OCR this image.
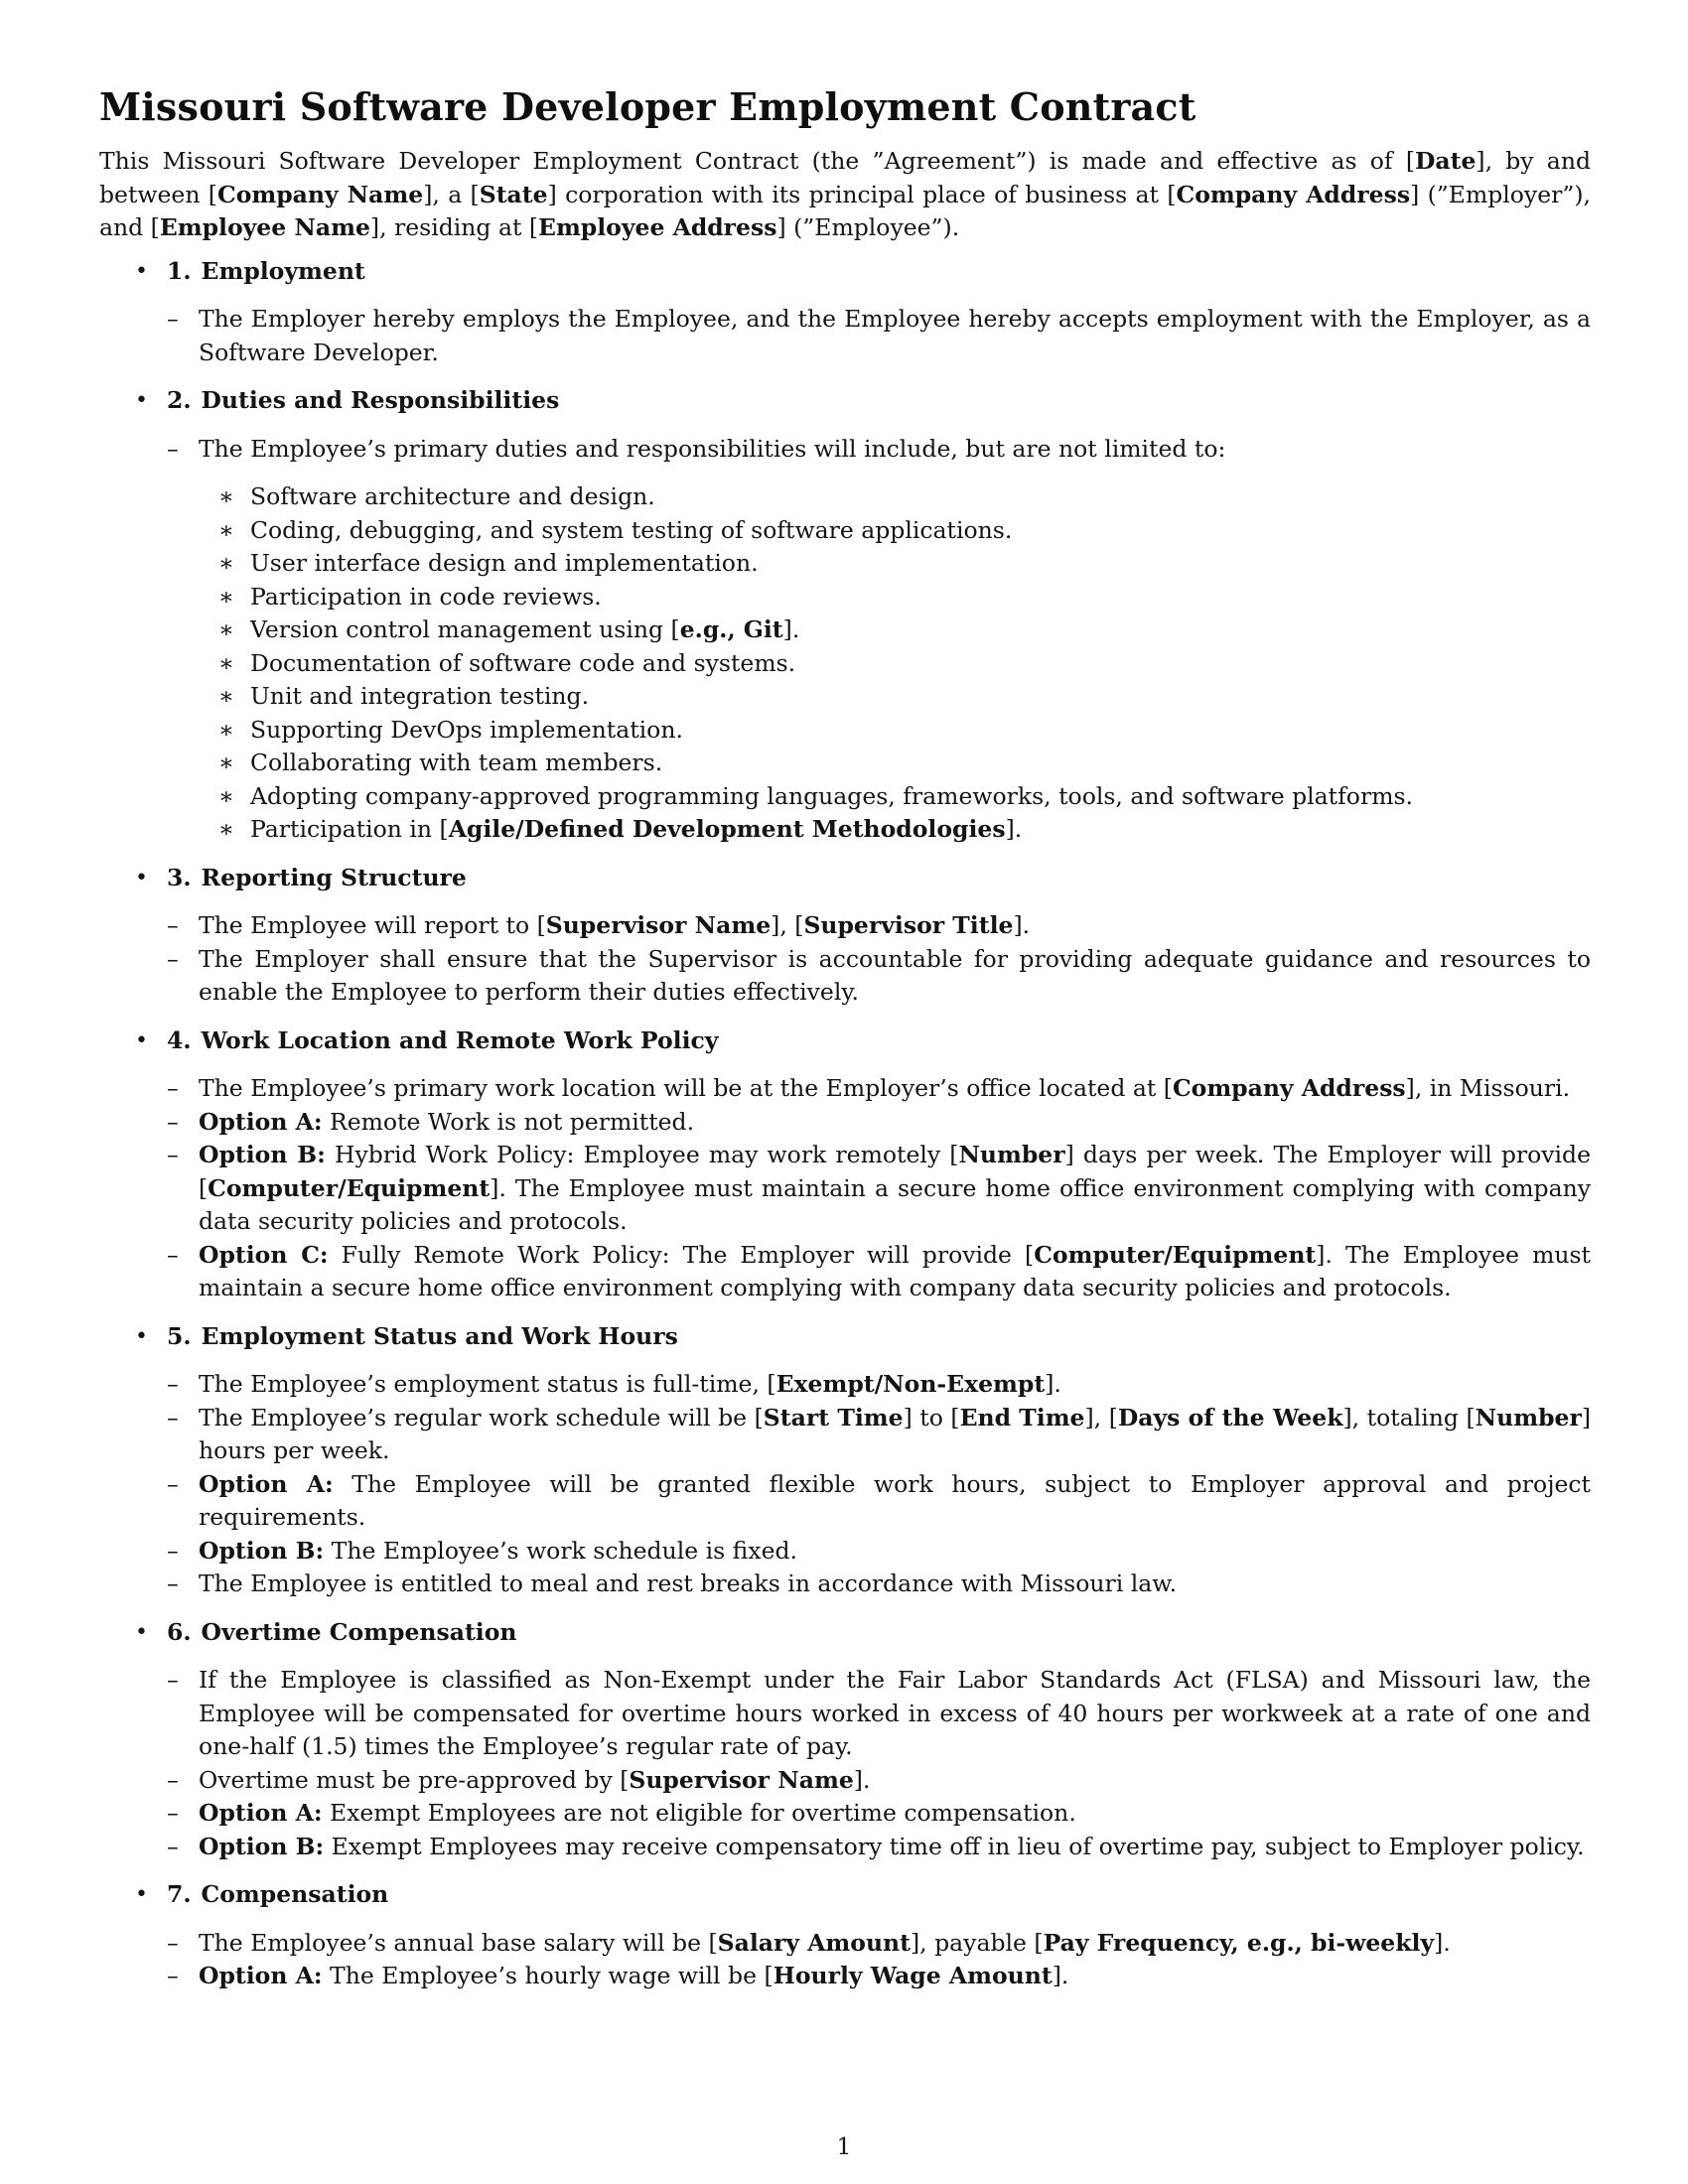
Missouri Software Developer Employment Contract

This Missouri Software Developer Employment Contract (the ”Agreement”) is made and effective as of [Date], by and between [Company Name], a [State] corporation with its principal place of business at [Company Address] (”Employer”), and [Employee Name], residing at [Employee Address] (”Employee”).

• 1. Employment
– The Employer hereby employs the Employee, and the Employee hereby accepts employment with the Employer, as a Software Developer.
• 2. Duties and Responsibilities
– The Employee’s primary duties and responsibilities will include, but are not limited to:
∗ Software architecture and design.
∗ Coding, debugging, and system testing of software applications.
∗ User interface design and implementation.
∗ Participation in code reviews.
∗ Version control management using [e.g., Git].
∗ Documentation of software code and systems.
∗ Unit and integration testing.
∗ Supporting DevOps implementation.
∗ Collaborating with team members.
∗ Adopting company-approved programming languages, frameworks, tools, and software platforms.
∗ Participation in [Agile/Defined Development Methodologies].
• 3. Reporting Structure
– The Employee will report to [Supervisor Name], [Supervisor Title].
– The Employer shall ensure that the Supervisor is accountable for providing adequate guidance and resources to enable the Employee to perform their duties effectively.
• 4. Work Location and Remote Work Policy
– The Employee’s primary work location will be at the Employer’s office located at [Company Address], in Missouri.
– Option A: Remote Work is not permitted.
– Option B: Hybrid Work Policy: Employee may work remotely [Number] days per week. The Employer will provide [Computer/Equipment]. The Employee must maintain a secure home office environment complying with company data security policies and protocols.
– Option C: Fully Remote Work Policy: The Employer will provide [Computer/Equipment]. The Employee must maintain a secure home office environment complying with company data security policies and protocols.
• 5. Employment Status and Work Hours
– The Employee’s employment status is full-time, [Exempt/Non-Exempt].
– The Employee’s regular work schedule will be [Start Time] to [End Time], [Days of the Week], totaling [Number] hours per week.
– Option A: The Employee will be granted flexible work hours, subject to Employer approval and project requirements.
– Option B: The Employee’s work schedule is fixed.
– The Employee is entitled to meal and rest breaks in accordance with Missouri law.
• 6. Overtime Compensation
– If the Employee is classified as Non-Exempt under the Fair Labor Standards Act (FLSA) and Missouri law, the Employee will be compensated for overtime hours worked in excess of 40 hours per workweek at a rate of one and one-half (1.5) times the Employee’s regular rate of pay.
– Overtime must be pre-approved by [Supervisor Name].
– Option A: Exempt Employees are not eligible for overtime compensation.
– Option B: Exempt Employees may receive compensatory time off in lieu of overtime pay, subject to Employer policy.
• 7. Compensation
– The Employee’s annual base salary will be [Salary Amount], payable [Pay Frequency, e.g., bi-weekly].
– Option A: The Employee’s hourly wage will be [Hourly Wage Amount].
1
